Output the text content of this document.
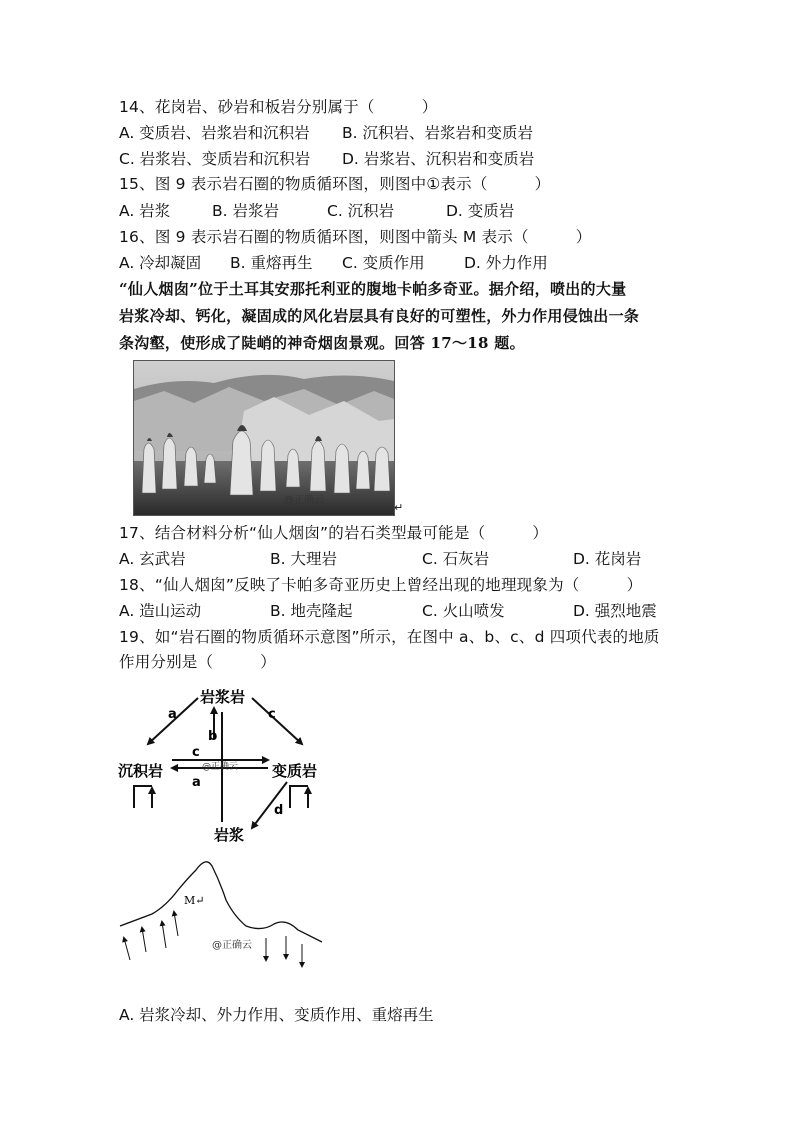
14、花岗岩、砂岩和板岩分别属于（　　　）
A. 变质岩、岩浆岩和沉积岩 B. 沉积岩、岩浆岩和变质岩
C. 岩浆岩、变质岩和沉积岩 D. 岩浆岩、沉积岩和变质岩
15、图 9 表示岩石圈的物质循环图，则图中①表示（　　　）
A. 岩浆	B. 岩浆岩	C. 沉积岩	D. 变质岩
16、图 9 表示岩石圈的物质循环图，则图中箭头 M 表示（　　　）
A. 冷却凝固 B. 重熔再生 C. 变质作用	D. 外力作用
“仙人烟囱”位于土耳其安那托利亚的腹地卡帕多奇亚。据介绍，喷出的大量
岩浆冷却、钙化，凝固成的风化岩层具有良好的可塑性，外力作用侵蚀出一条
条沟壑，使形成了陡峭的神奇烟囱景观。回答 17～18 题。
@正确云
↵
17、结合材料分析“仙人烟囱”的岩石类型最可能是（　　　）
A. 玄武岩	B. 大理岩	C. 石灰岩	D. 花岗岩
18、“仙人烟囱”反映了卡帕多奇亚历史上曾经出现的地理现象为（　　　）
A. 造山运动	B. 地壳隆起	C. 火山喷发	D. 强烈地震
19、如“岩石圈的物质循环示意图”所示，在图中 a、b、c、d 四项代表的地质
作用分别是（　　　）
岩浆岩
沉积岩	变质岩
岩浆
a	c
b
c
a
@正确云
d
M↵
@正确云
A. 岩浆冷却、外力作用、变质作用、重熔再生
